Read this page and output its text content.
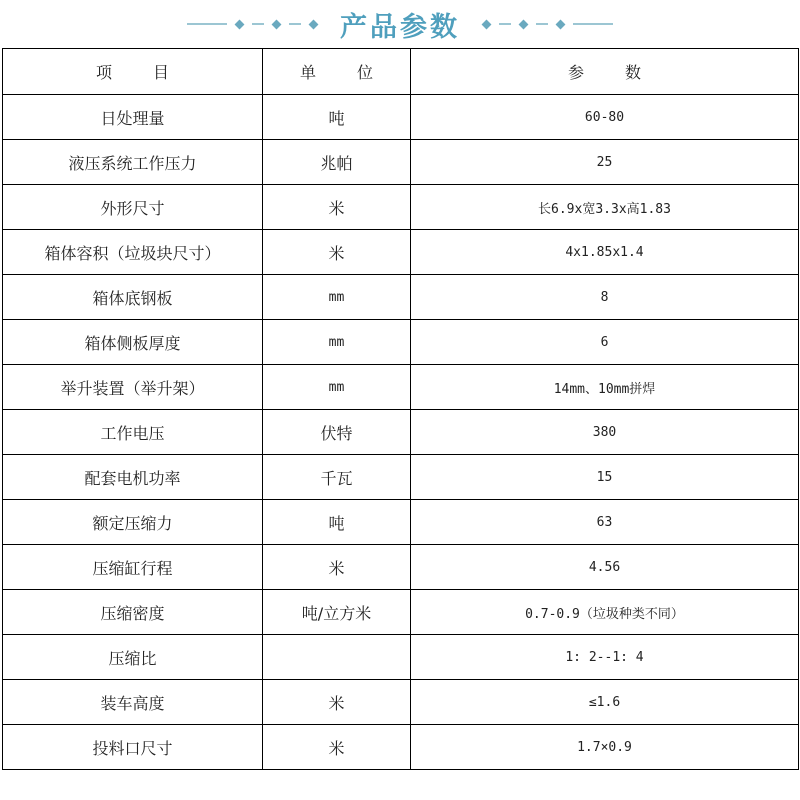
产品参数
项 目	单 位	参 数
日处理量	吨	60-80
液压系统工作压力	兆帕	25
外形尺寸	米	长6.9x宽3.3x高1.83
箱体容积（垃圾块尺寸）	米	4x1.85x1.4
箱体底钢板	mm	8
箱体侧板厚度	mm	6
举升装置（举升架）	mm	14mm、10mm拼焊
工作电压	伏特	380
配套电机功率	千瓦	15
额定压缩力	吨	63
压缩缸行程	米	4.56
压缩密度	吨/立方米	0.7-0.9（垃圾种类不同）
压缩比		1: 2--1: 4
装车高度	米	≤1.6
投料口尺寸	米	1.7×0.9
